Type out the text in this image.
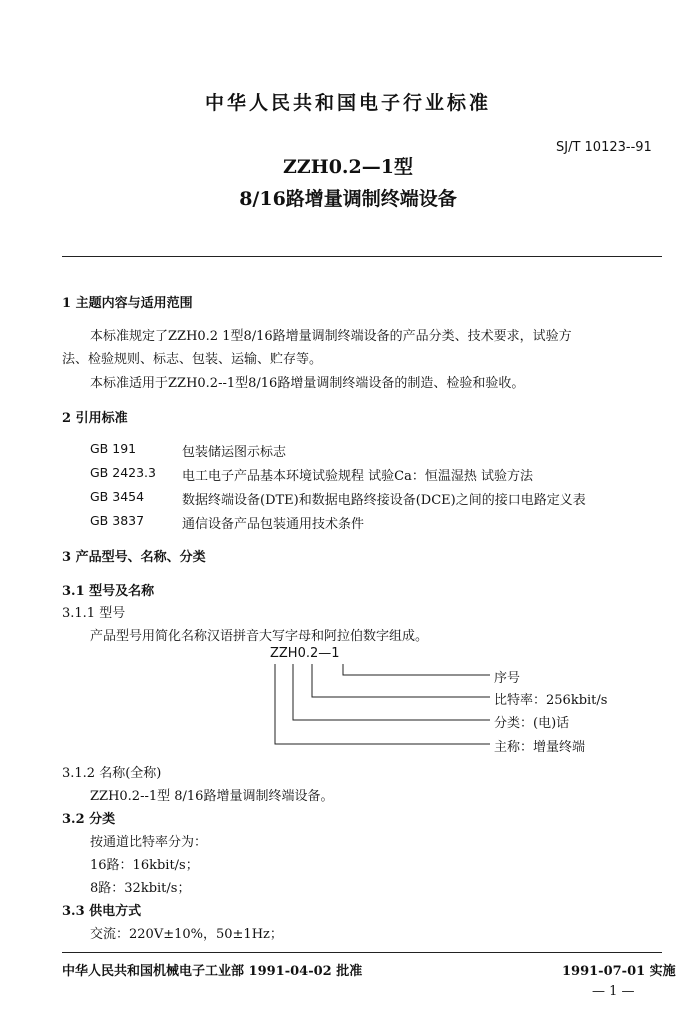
中华人民共和国电子行业标准
SJ/T 10123--91
ZZH0.2—1型
8/16路增量调制终端设备
1 主题内容与适用范围
本标准规定了ZZH0.2 1型8/16路增量调制终端设备的产品分类、技术要求，试验方
法、检验规则、标志、包装、运输、贮存等。
本标准适用于ZZH0.2--1型8/16路增量调制终端设备的制造、检验和验收。
2 引用标准
GB 191	包装储运图示标志
GB 2423.3 电工电子产品基本环境试验规程 试验Ca：恒温湿热 试验方法
GB 3454	数据终端设备(DTE)和数据电路终接设备(DCE)之间的接口电路定义表
GB 3837	通信设备产品包装通用技术条件
3 产品型号、名称、分类
3.1 型号及名称
3.1.1 型号
产品型号用简化名称汉语拼音大写字母和阿拉伯数字组成。
ZZH0.2—1
序号
比特率：256kbit/s
分类：(电)话
主称：增量终端
3.1.2 名称(全称)
ZZH0.2--1型 8/16路增量调制终端设备。
3.2 分类
按通道比特率分为：
16路：16kbit/s；
8路：32kbit/s；
3.3 供电方式
交流：220V±10%，50±1Hz；
中华人民共和国机械电子工业部 1991-04-02 批准	1991-07-01 实施
— 1 —
